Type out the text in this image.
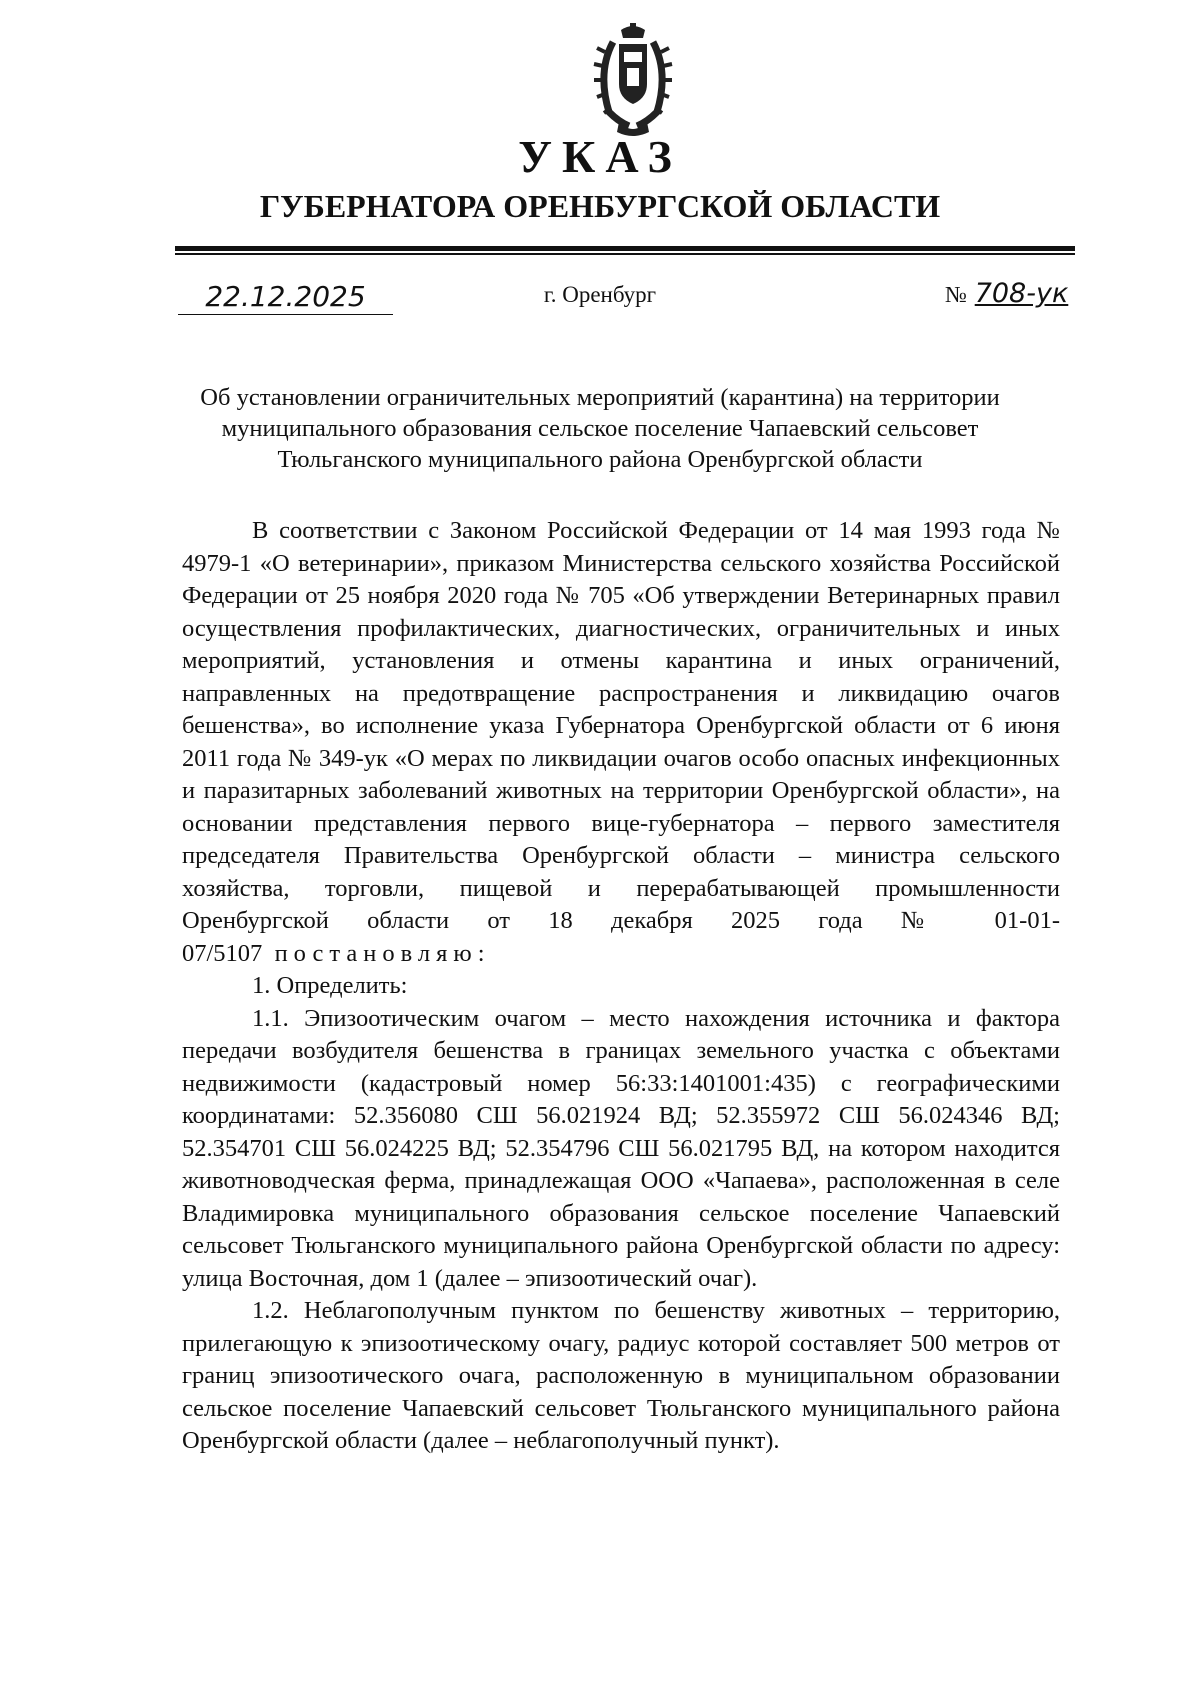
УКАЗ
ГУБЕРНАТОРА ОРЕНБУРГСКОЙ ОБЛАСТИ
22.12.2025	г. Оренбург	№ 708-ук
Об установлении ограничительных мероприятий (карантина) на территории муниципального образования сельское поселение Чапаевский сельсовет Тюльганского муниципального района Оренбургской области

В соответствии с Законом Российской Федерации от 14 мая 1993 года № 4979-1 «О ветеринарии», приказом Министерства сельского хозяйства Российской Федерации от 25 ноября 2020 года № 705 «Об утверждении Ветеринарных правил осуществления профилактических, диагностических, ограничительных и иных мероприятий, установления и отмены карантина и иных ограничений, направленных на предотвращение распространения и ликвидацию очагов бешенства», во исполнение указа Губернатора Оренбургской области от 6 июня 2011 года № 349-ук «О мерах по ликвидации очагов особо опасных инфекционных и паразитарных заболеваний животных на территории Оренбургской области», на основании представления первого вице-губернатора – первого заместителя председателя Правительства Оренбургской области – министра сельского хозяйства, торговли, пищевой и перерабатывающей промышленности Оренбургской области от 18 декабря 2025 года № 01-01-07/5107 постановляю:

1. Определить:

1.1. Эпизоотическим очагом – место нахождения источника и фактора передачи возбудителя бешенства в границах земельного участка с объектами недвижимости (кадастровый номер 56:33:1401001:435) с географическими координатами: 52.356080 СШ 56.021924 ВД; 52.355972 СШ 56.024346 ВД; 52.354701 СШ 56.024225 ВД; 52.354796 СШ 56.021795 ВД, на котором находится животноводческая ферма, принадлежащая ООО «Чапаева», расположенная в селе Владимировка муниципального образования сельское поселение Чапаевский сельсовет Тюльганского муниципального района Оренбургской области по адресу: улица Восточная, дом 1 (далее – эпизоотический очаг).

1.2. Неблагополучным пунктом по бешенству животных – территорию, прилегающую к эпизоотическому очагу, радиус которой составляет 500 метров от границ эпизоотического очага, расположенную в муниципальном образовании сельское поселение Чапаевский сельсовет Тюльганского муниципального района Оренбургской области (далее – неблагополучный пункт).
